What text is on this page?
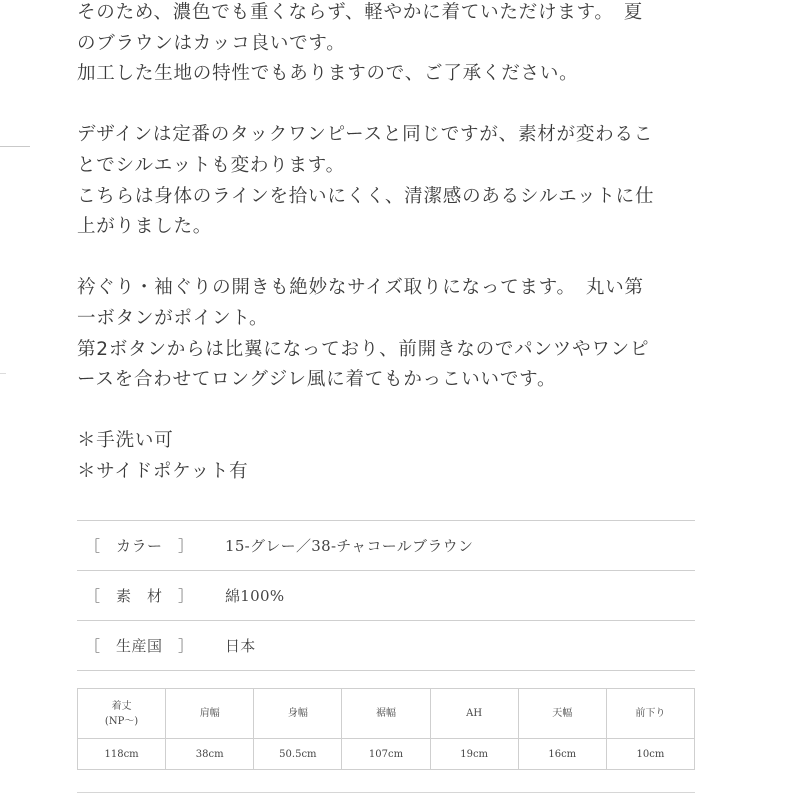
そのため、濃色でも重くならず、軽やかに着ていただけます。　夏
のブラウンはカッコ良いです。
加工した生地の特性でもありますので、ご了承ください。
デザインは定番のタックワンピースと同じですが、素材が変わるこ
とでシルエットも変わります。
こちらは身体のラインを拾いにくく、清潔感のあるシルエットに仕
上がりました。
衿ぐり・袖ぐりの開きも絶妙なサイズ取りになってます。　丸い第
一ボタンがポイント。
第2ボタンからは比翼になっており、前開きなのでパンツやワンピ
ースを合わせてロングジレ風に着てもかっこいいです。
＊手洗い可
＊サイドポケット有
［　カラー　］	15-グレー／38-チャコールブラウン
［　素　材　］	綿100%
［　生産国　］	日本
着丈
(NP〜)	肩幅	身幅	裾幅	AH	天幅	前下り
118cm	38cm	50.5cm	107cm	19cm	16cm	10cm
